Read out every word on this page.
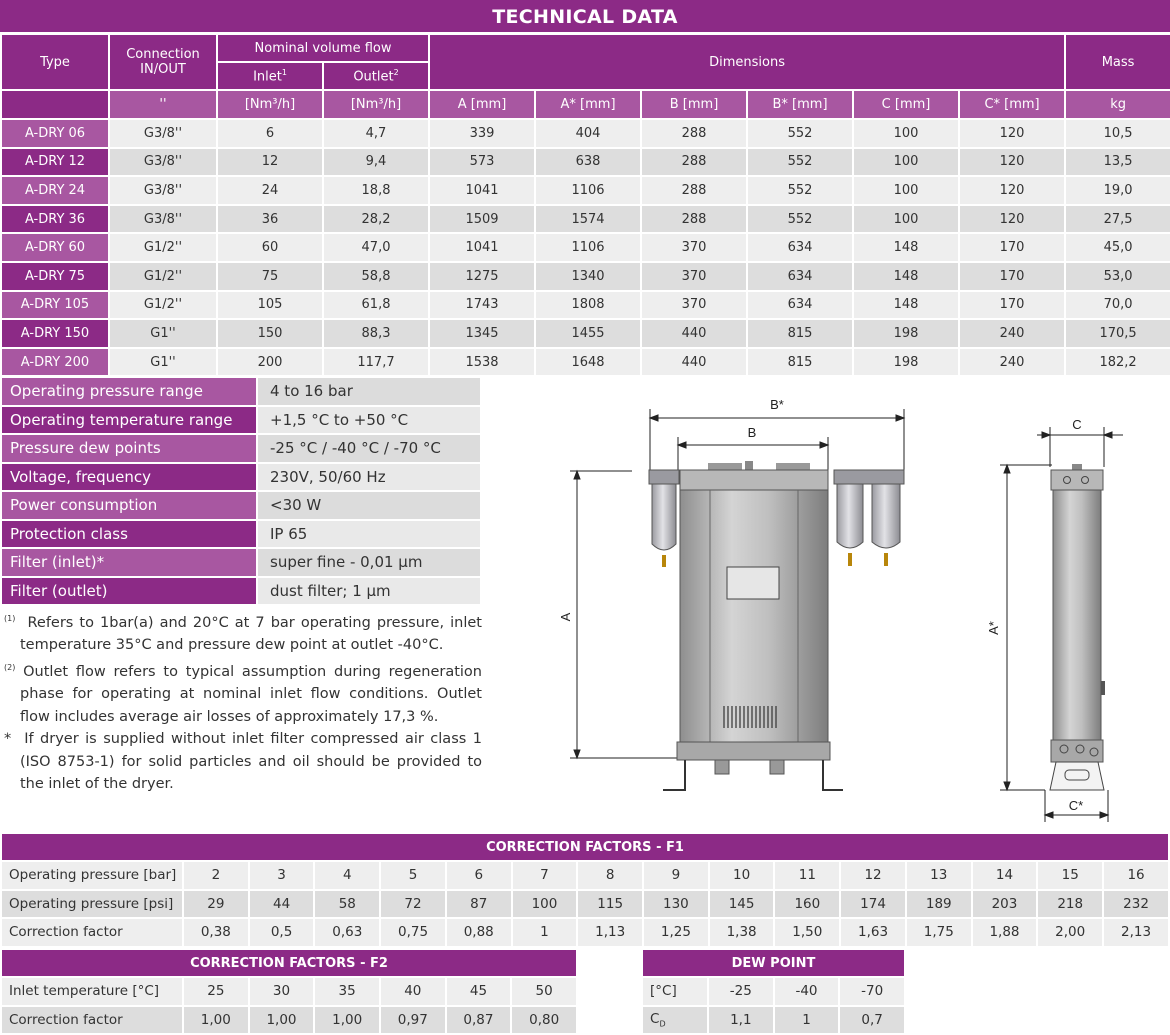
TECHNICAL DATA
Type	Connection IN/OUT	Nominal volume flow		Dimensions						Mass
		Inlet$^1$	Outlet$^2$
	''	[Nm³/h]	[Nm³/h]	A [mm]	A* [mm]	B [mm]	B* [mm]	C [mm]	C* [mm]	kg
A-DRY 06	G3/8''	6	4,7	339	404	288	552	100	120	10,5
A-DRY 12	G3/8''	12	9,4	573	638	288	552	100	120	13,5
A-DRY 24	G3/8''	24	18,8	1041	1106	288	552	100	120	19,0
A-DRY 36	G3/8''	36	28,2	1509	1574	288	552	100	120	27,5
A-DRY 60	G1/2''	60	47,0	1041	1106	370	634	148	170	45,0
A-DRY 75	G1/2''	75	58,8	1275	1340	370	634	148	170	53,0
A-DRY 105	G1/2''	105	61,8	1743	1808	370	634	148	170	70,0
A-DRY 150	G1''	150	88,3	1345	1455	440	815	198	240	170,5
A-DRY 200	G1''	200	117,7	1538	1648	440	815	198	240	182,2
Operating pressure range	4 to 16 bar
Operating temperature range	+1,5 °C to +50 °C
Pressure dew points	-25 °C / -40 °C / -70 °C
Voltage, frequency	230V, 50/60 Hz
Power consumption	<30 W
Protection class	IP 65
Filter (inlet)*	super fine - 0,01 μm
Filter (outlet)	dust filter; 1 μm

$^{(1)}$ Refers to 1bar(a) and 20°C at 7 bar operating pressure, inlet temperature 35°C and pressure dew point at outlet -40°C.

$^{(2)}$ Outlet flow refers to typical assumption during regeneration phase for operating at nominal inlet flow conditions. Outlet flow includes average air losses of approximately 17,3 %.

* If dryer is supplied without inlet filter compressed air class 1 (ISO 8753-1) for solid particles and oil should be provided to the inlet of the dryer.

B*
B
A
C
A*
C*
CORRECTION FACTORS - F1															
Operating pressure [bar]	2	3	4	5	6	7	8	9	10	11	12	13	14	15	16
Operating pressure [psi]	29	44	58	72	87	100	115	130	145	160	174	189	203	218	232
Correction factor	0,38	0,5	0,63	0,75	0,88	1	1,13	1,25	1,38	1,50	1,63	1,75	1,88	2,00	2,13
CORRECTION FACTORS - F2						
Inlet temperature [°C]	25	30	35	40	45	50
Correction factor	1,00	1,00	1,00	0,97	0,87	0,80
DEW POINT			
[°C]	-25	-40	-70
$C_D$	1,1	1	0,7
